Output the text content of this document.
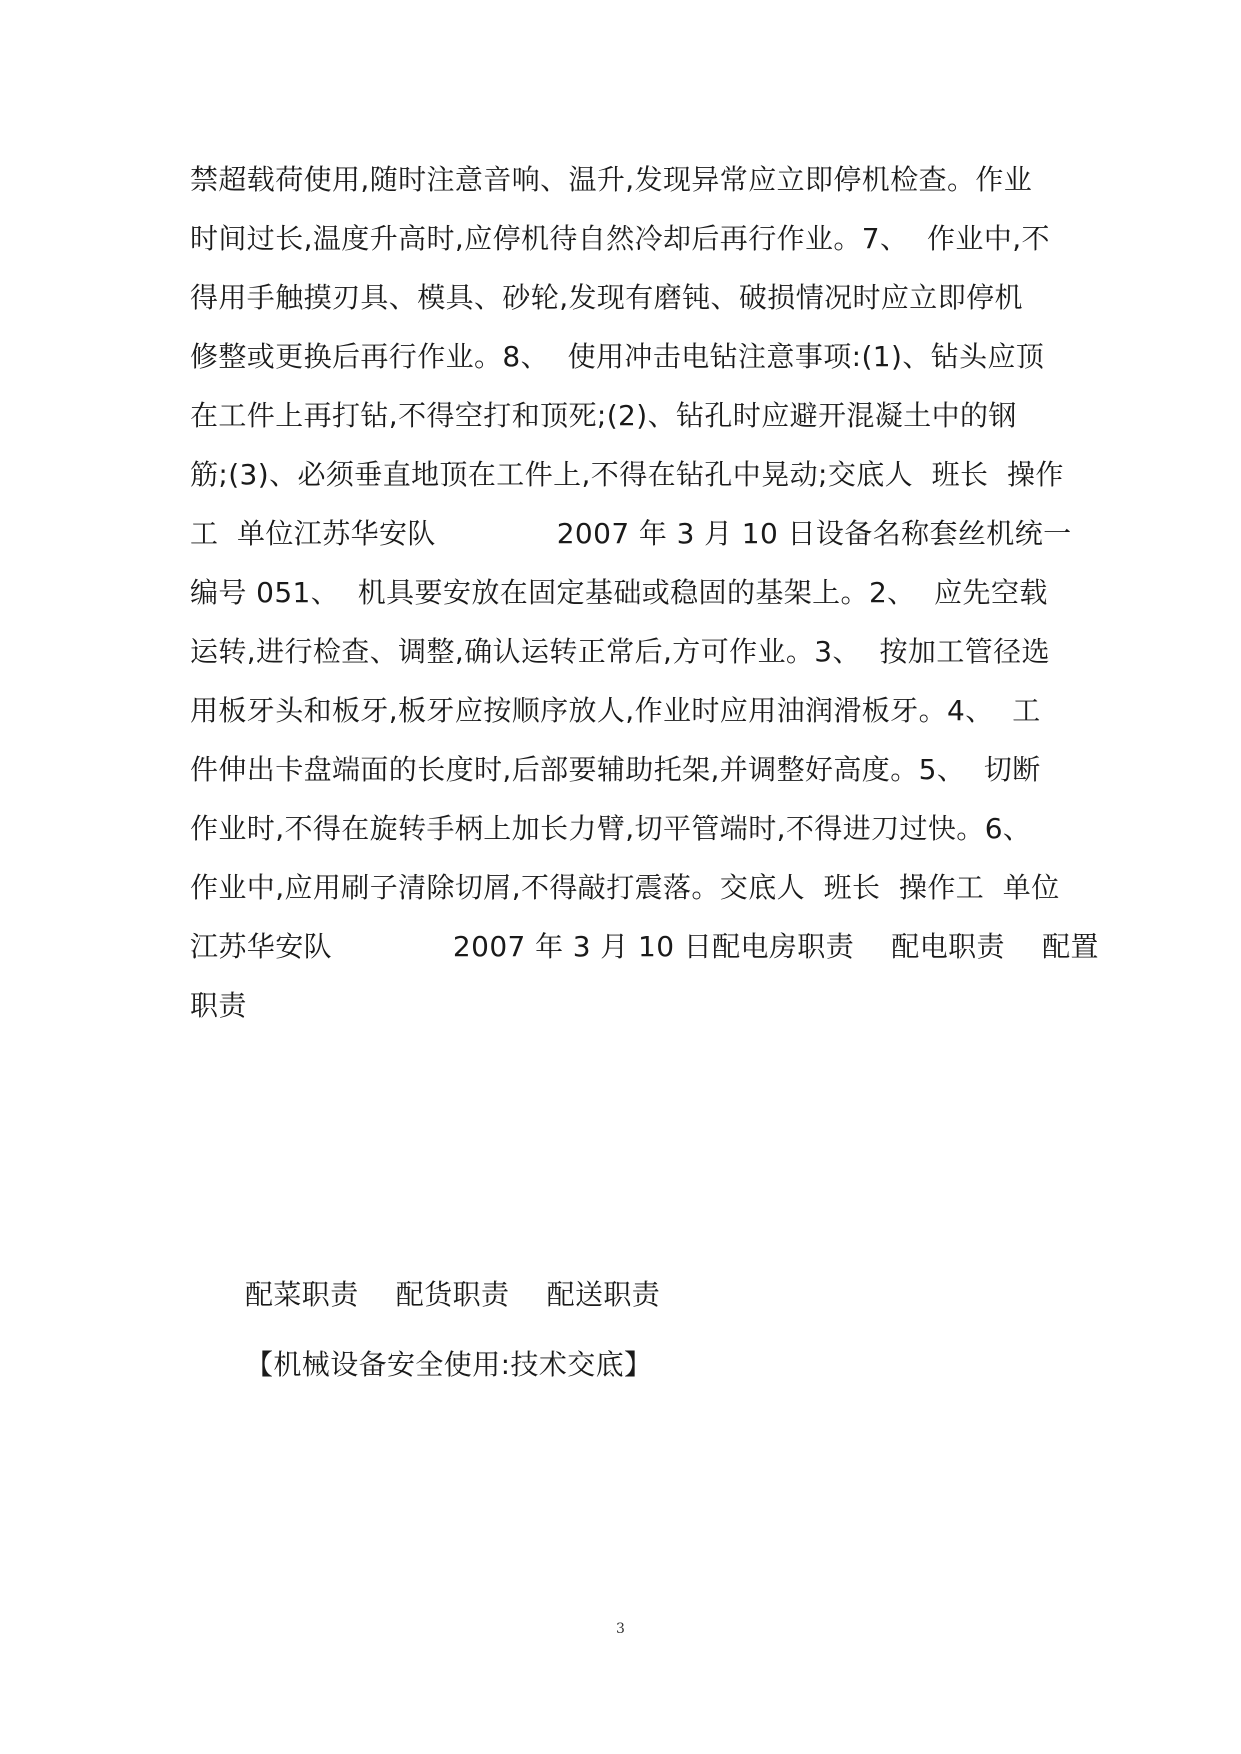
禁超载荷使用,随时注意音响、温升,发现异常应立即停机检查。作业
时间过长,温度升高时,应停机待自然冷却后再行作业。7、  作业中,不
得用手触摸刃具、模具、砂轮,发现有磨钝、破损情况时应立即停机
修整或更换后再行作业。8、  使用冲击电钻注意事项:(1)、钻头应顶
在工件上再打钻,不得空打和顶死;(2)、钻孔时应避开混凝土中的钢
筋;(3)、必须垂直地顶在工件上,不得在钻孔中晃动;交底人  班长  操作
工  单位江苏华安队             2007 年 3 月 10 日设备名称套丝机统一
编号 051、  机具要安放在固定基础或稳固的基架上。2、  应先空载
运转,进行检查、调整,确认运转正常后,方可作业。3、  按加工管径选
用板牙头和板牙,板牙应按顺序放人,作业时应用油润滑板牙。4、  工
件伸出卡盘端面的长度时,后部要辅助托架,并调整好高度。5、  切断
作业时,不得在旋转手柄上加长力臂,切平管端时,不得进刀过快。6、
作业中,应用刷子清除切屑,不得敲打震落。交底人  班长  操作工  单位
江苏华安队             2007 年 3 月 10 日配电房职责    配电职责    配置
职责
配菜职责    配货职责    配送职责
【机械设备安全使用:技术交底】
3
